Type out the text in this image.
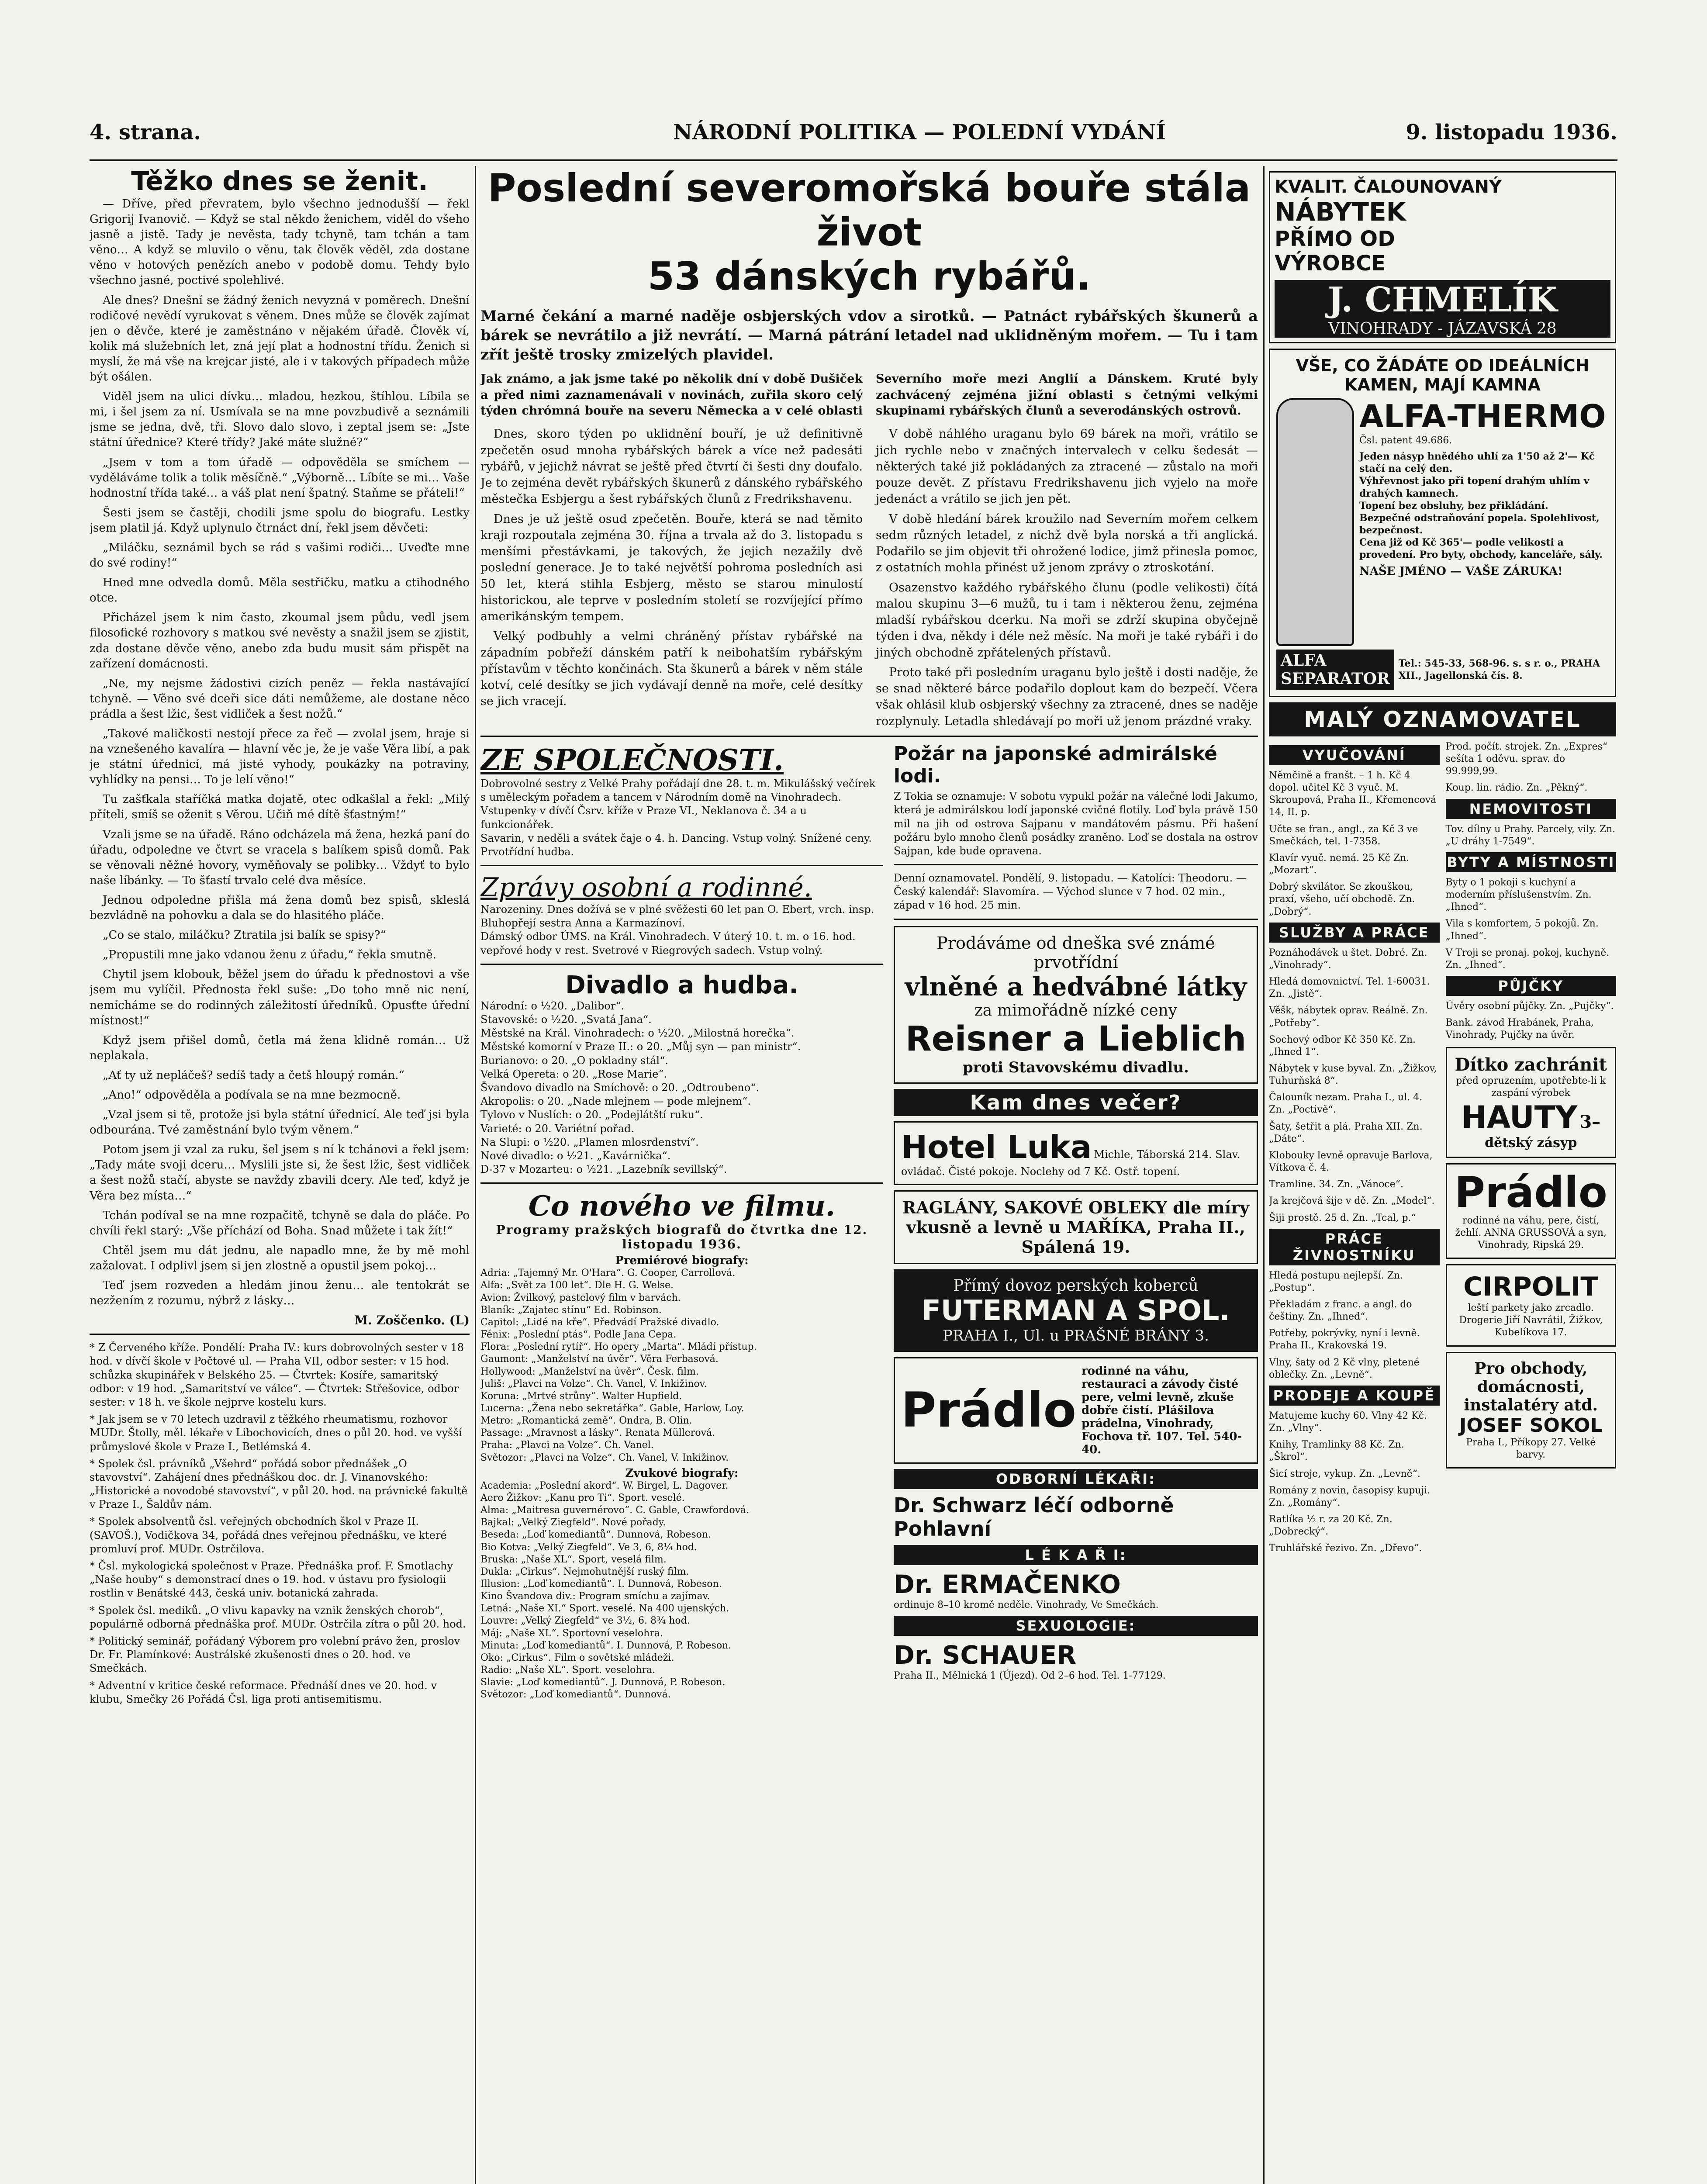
4. strana.	NÁRODNÍ POLITIKA — POLEDNÍ VYDÁNÍ	9. listopadu 1936.
Těžko dnes se ženit.

— Dříve, před převratem, bylo všechno jednodušší — řekl Grigorij Ivanovič. — Když se stal někdo ženichem, viděl do všeho jasně a jistě. Tady je nevěsta, tady tchyně, tam tchán a tam věno… A když se mluvilo o věnu, tak člověk věděl, zda dostane věno v hotových penězích anebo v podobě domu. Tehdy bylo všechno jasné, poctivé spolehlivé.

Ale dnes? Dnešní se žádný ženich nevyzná v poměrech. Dnešní rodičové nevědí vyrukovat s věnem. Dnes může se člověk zajímat jen o děvče, které je zaměstnáno v nějakém úřadě. Člověk ví, kolik má služebních let, zná její plat a hodnostní třídu. Ženich si myslí, že má vše na krejcar jisté, ale i v takových případech může být ošálen.

Viděl jsem na ulici dívku… mladou, hezkou, štíhlou. Líbila se mi, i šel jsem za ní. Usmívala se na mne povzbudivě a seznámili jsme se jedna, dvě, tři. Slovo dalo slovo, i zeptal jsem se: „Jste státní úřednice? Které třídy? Jaké máte služné?“

„Jsem v tom a tom úřadě — odpověděla se smíchem — vyděláváme tolik a tolik měsíčně.“ „Výborně… Líbíte se mi… Vaše hodnostní třída také… a váš plat není špatný. Staňme se přáteli!“

Šesti jsem se častěji, chodili jsme spolu do biografu. Lestky jsem platil já. Když uplynulo čtrnáct dní, řekl jsem děvčeti:

„Miláčku, seznámil bych se rád s vašimi rodiči… Uveďte mne do své rodiny!“

Hned mne odvedla domů. Měla sestřičku, matku a ctihodného otce.

Přicházel jsem k nim často, zkoumal jsem půdu, vedl jsem filosofické rozhovory s matkou své nevěsty a snažil jsem se zjistit, zda dostane děvče věno, anebo zda budu musit sám přispět na zařízení domácnosti.

„Ne, my nejsme žádostivi cizích peněz — řekla nastávající tchyně. — Věno své dceři sice dáti nemůžeme, ale dostane něco prádla a šest lžic, šest vidliček a šest nožů.“

„Takové maličkosti nestojí přece za řeč — zvolal jsem, hraje si na vznešeného kavalíra — hlavní věc je, že je vaše Věra libí, a pak je státní úřednicí, má jisté vyhody, poukázky na potraviny, vyhlídky na pensi… To je lelí věno!“

Tu zašťkala staříčká matka dojatě, otec odkašlal a řekl: „Milý příteli, smíš se oženit s Věrou. Učiň mé dítě šťastným!“

Vzali jsme se na úřadě. Ráno odcházela má žena, hezká paní do úřadu, odpoledne ve čtvrt se vracela s balíkem spisů domů. Pak se věnovali něžné hovory, vyměňovaly se polibky… Vždyť to bylo naše líbánky. — To šťastí trvalo celé dva měsíce.

Jednou odpoledne přišla má žena domů bez spisů, skleslá bezvládně na pohovku a dala se do hlasitého pláče.

„Co se stalo, miláčku? Ztratila jsi balík se spisy?“

„Propustili mne jako vdanou ženu z úřadu,“ řekla smutně.

Chytil jsem klobouk, běžel jsem do úřadu k přednostovi a vše jsem mu vylíčil. Přednosta řekl suše: „Do toho mně nic není, nemícháme se do rodinných záležitostí úředníků. Opusťte úřední místnost!“

Když jsem přišel domů, četla má žena klidně román… Už neplakala.

„Ať ty už nepláčeš? sedíš tady a četš hloupý román.“

„Ano!“ odpověděla a podívala se na mne bezmocně.

„Vzal jsem si tě, protože jsi byla státní úřednicí. Ale teď jsi byla odbourána. Tvé zaměstnání bylo tvým věnem.“

Potom jsem ji vzal za ruku, šel jsem s ní k tchánovi a řekl jsem: „Tady máte svoji dceru… Myslili jste si, že šest lžic, šest vidliček a šest nožů stačí, abyste se navždy zbavili dcery. Ale teď, když je Věra bez místa…“

Tchán podíval se na mne rozpačitě, tchyně se dala do pláče. Po chvíli řekl starý: „Vše příchází od Boha. Snad můžete i tak žít!“

Chtěl jsem mu dát jednu, ale napadlo mne, že by mě mohl zažalovat. I odplivl jsem si jen zlostně a opustil jsem pokoj…

Teď jsem rozveden a hledám jinou ženu… ale tentokrát se nezžením z rozumu, nýbrž z lásky…

M. Zoščenko. (L)

* Z Červeného kříže. Pondělí: Praha IV.: kurs dobrovolných sester v 18 hod. v dívčí škole v Počtové ul. — Praha VII, odbor sester: v 15 hod. schůzka skupinářek v Belského 25. — Čtvrtek: Kosíře, samaritský odbor: v 19 hod. „Samaritství ve válce“. — Čtvrtek: Střešovice, odbor sester: v 18 h. ve škole nejprve kostelu kurs.

* Jak jsem se v 70 letech uzdravil z těžkého rheumatismu, rozhovor MUDr. Štolly, měl. lékaře v Libochovicích, dnes o půl 20. hod. ve vyšší průmyslové škole v Praze I., Betlémská 4.

* Spolek čsl. právníků „Všehrd“ pořádá sobor přednášek „O stavovství“. Zahájení dnes přednáškou doc. dr. J. Vinanovského: „Historické a novodobé stavovství“, v půl 20. hod. na právnické fakultě v Praze I., Šaldův nám.

* Spolek absolventů čsl. veřejných obchodních škol v Praze II. (SAVOŠ.), Vodičkova 34, pořádá dnes veřejnou přednášku, ve které promluví prof. MUDr. Ostrčilova.

* Čsl. mykologická společnost v Praze. Přednáška prof. F. Smotlachy „Naše houby“ s demonstrací dnes o 19. hod. v ústavu pro fysiologii rostlin v Benátské 443, česká univ. botanická zahrada.

* Spolek čsl. mediků. „O vlivu kapavky na vznik ženských chorob“, populárně odborná přednáška prof. MUDr. Ostrčila zítra o půl 20. hod.

* Politický seminář, pořádaný Výborem pro volební právo žen, proslov Dr. Fr. Plamínkové: Austrálské zkušenosti dnes o 20. hod. ve Smečkách.

* Adventní v kritice české reformace. Přednáší dnes ve 20. hod. v klubu, Smečky 26 Pořádá Čsl. liga proti antisemitismu.

Poslední severomořská bouře stála život
53 dánských rybářů.
Marné čekání a marné naděje osbjerských vdov a sirotků. — Patnáct rybářských škunerů a bárek se nevrátilo a již nevrátí. — Marná pátrání letadel nad uklidněným mořem. — Tu i tam zřít ještě trosky zmizelých plavidel.
Jak známo, a jak jsme také po několik dní v době Dušiček a před nimi zaznamenávali v novinách, zuřila skoro celý týden chrómná bouře na severu Německa a v celé oblasti Severního moře mezi Anglií a Dánskem. Kruté byly zachvácený zejména jižní oblasti s četnými velkými skupinami rybářských člunů a severodánských ostrovů.

Dnes, skoro týden po uklidnění bouří, je už definitivně zpečetěn osud mnoha rybářských bárek a více než padesáti rybářů, v jejichž návrat se ještě před čtvrtí či šesti dny doufalo. Je to zejména devět rybářských škunerů z dánského rybářského městečka Esbjergu a šest rybářských člunů z Fredrikshavenu.

Dnes je už ještě osud zpečetěn. Bouře, která se nad těmito kraji rozpoutala zejména 30. října a trvala až do 3. listopadu s menšími přestávkami, je takových, že jejich nezažily dvě poslední generace. Je to také největší pohroma posledních asi 50 let, která stihla Esbjerg, město se starou minulostí historickou, ale teprve v posledním století se rozvíjející přímo amerikánským tempem.

Velký podbuhly a velmi chráněný přístav rybářské na západním pobřeží dánském patří k neibohatším rybářským přístavům v těchto končinách. Sta škunerů a bárek v něm stále kotví, celé desítky se jich vydávají denně na moře, celé desítky se jich vracejí.

V době náhlého uraganu bylo 69 bárek na moři, vrátilo se jich rychle nebo v značných intervalech v celku šedesát — některých také již pokládaných za ztracené — zůstalo na moři pouze devět. Z přístavu Fredrikshavenu jich vyjelo na moře jedenáct a vrátilo se jich jen pět.

V době hledání bárek kroužilo nad Severním mořem celkem sedm různých letadel, z nichž dvě byla norská a tři anglická. Podařilo se jim objevit tři ohrožené lodice, jimž přinesla pomoc, z ostatních mohla přinést už jenom zprávy o ztroskotání.

Osazenstvo každého rybářského člunu (podle velikosti) čítá malou skupinu 3—6 mužů, tu i tam i některou ženu, zejména mladší rybářskou dcerku. Na moři se zdrží skupina obyčejně týden i dva, někdy i déle než měsíc. Na moři je také rybáři i do jiných obchodně zpřátelených přístavů.

Proto také při posledním uraganu bylo ještě i dosti naděje, že se snad některé bárce podařilo doplout kam do bezpečí. Včera však ohlásil klub osbjerský všechny za ztracené, dnes se naděje rozplynuly. Letadla shledávají po moři už jenom prázdné vraky.

ZE SPOLEČNOSTI.
Dobrovolné sestry z Velké Prahy pořádají dne 28. t. m. Mikulášský večírek s uměleckým pořadem a tancem v Národním domě na Vinohradech. Vstupenky v dívčí Čsrv. kříže v Praze VI., Neklanova č. 34 a u funkcionářek.
Savarin, v neděli a svátek čaje o 4. h. Dancing. Vstup volný. Snížené ceny. Prvotřídní hudba.
Zprávy osobní a rodinné.
Narozeniny. Dnes dožívá se v plné svěžesti 60 let pan O. Ebert, vrch. insp. Bluhopřejí sestra Anna a Karmazínoví.
Dámský odbor ÚMS. na Král. Vinohradech. V úterý 10. t. m. o 16. hod. vepřové hody v rest. Svetrové v Riegrových sadech. Vstup volný.
Divadlo a hudba.
Národní: o ½20. „Dalibor“.
Stavovské: o ½20. „Svatá Jana“.
Městské na Král. Vinohradech: o ½20. „Milostná horečka“.
Městské komorní v Praze II.: o 20. „Můj syn — pan ministr“.
Burianovo: o 20. „O pokladny stál“.
Velká Opereta: o 20. „Rose Marie“.
Švandovo divadlo na Smíchově: o 20. „Odtroubeno“.
Akropolis: o 20. „Nade mlejnem — pode mlejnem“.
Tylovo v Nuslích: o 20. „Podejlátští ruku“.
Varieté: o 20. Variétní pořad.
Na Slupi: o ½20. „Plamen mlosrdenství“.
Nové divadlo: o ½21. „Kavárnička“.
D-37 v Mozarteu: o ½21. „Lazebník sevillský“.
Co nového ve filmu.
Programy pražských biografů do čtvrtka dne 12. listopadu 1936.
Premiérové biografy:
Adria: „Tajemný Mr. O'Hara“. G. Cooper, Carrollová.
Alfa: „Svět za 100 let“. Dle H. G. Welse.
Avion: Žvilkový, pastelový film v barvách.
Blaník: „Zajatec stínu“ Ed. Robinson.
Capitol: „Lidé na kře“. Předvádí Pražské divadlo.
Fénix: „Poslední ptás“. Podle Jana Cepa.
Flora: „Poslední rytíř“. Ho opery „Marta“. Mládí přístup.
Gaumont: „Manželství na úvěr“. Věra Ferbasová.
Hollywood: „Manželství na úvěr“. Česk. film.
Juliš: „Plavci na Volze“. Ch. Vanel, V. Inkižinov.
Koruna: „Mrtvé strůny“. Walter Hupfield.
Lucerna: „Žena nebo sekretářka“. Gable, Harlow, Loy.
Metro: „Romantická země“. Ondra, B. Olin.
Passage: „Mravnost a lásky“. Renata Müllerová.
Praha: „Plavci na Volze“. Ch. Vanel.
Světozor: „Plavci na Volze“. Ch. Vanel, V. Inkižinov.
Zvukové biografy:
Academia: „Poslední akord“. W. Birgel, L. Dagover.
Aero Žižkov: „Kanu pro Ti“. Sport. veselé.
Alma: „Maitresa guvernérovo“. C. Gable, Crawfordová.
Bajkal: „Velký Ziegfeld“. Nové pořady.
Beseda: „Loď komediantů“. Dunnová, Robeson.
Bio Kotva: „Velký Ziegfeld“. Ve 3, 6, 8¼ hod.
Bruska: „Naše XL“. Sport, veselá film.
Dukla: „Cirkus“. Nejmohutnější ruský film.
Illusion: „Loď komediantů“. I. Dunnová, Robeson.
Kino Švandova div.: Program smíchu a zajímav.
Letná: „Naše XI.“ Sport. veselé. Na 400 ujenských.
Louvre: „Velký Ziegfeld“ ve 3½, 6. 8¾ hod.
Máj: „Naše XL“. Sportovní veselohra.
Minuta: „Loď komediantů“. I. Dunnová, P. Robeson.
Oko: „Cirkus“. Film o sovětské mládeži.
Radio: „Naše XL“. Sport. veselohra.
Slavie: „Loď komediantů“. J. Dunnová, P. Robeson.
Světozor: „Loď komediantů“. Dunnová.
Požár na japonské admirálské lodi.
Z Tokia se oznamuje: V sobotu vypukl požár na válečné lodi Jakumo, která je admirálskou lodí japonské cvičné flotily. Loď byla právě 150 mil na jih od ostrova Sajpanu v mandátovém pásmu. Při hašení požáru bylo mnoho členů posádky zraněno. Loď se dostala na ostrov Sajpan, kde bude opravena.
Denní oznamovatel. Pondělí, 9. listopadu. — Katolíci: Theodoru. — Český kalendář: Slavomíra. — Východ slunce v 7 hod. 02 min., západ v 16 hod. 25 min.
Prodáváme od dneška své známé prvotřídní
vlněné a hedvábné látky
za mimořádně nízké ceny
Reisner a Lieblich
proti Stavovskému divadlu.
Kam dnes večer?
Hotel Luka Michle, Táborská 214. Slav. ovládač. Čisté pokoje. Noclehy od 7 Kč. Ostř. topení.
RAGLÁNY, SAKOVÉ OBLEKY dle míry vkusně a levně u MAŘÍKA, Praha II., Spálená 19.
Přímý dovoz perských koberců
FUTERMAN A SPOL.
PRAHA I., Ul. u PRAŠNÉ BRÁNY 3.
Prádlo
rodinné na váhu, restauraci a závody čisté pere, velmi levně, zkuše dobře čistí. Plášilova prádelna, Vinohrady, Fochova tř. 107. Tel. 540-40.
ODBORNÍ LÉKAŘI:
Dr. Schwarz léčí odborně Pohlavní
L É K A Ř I:
Dr. ERMAČENKO
ordinuje 8–10 kromě neděle. Vinohrady, Ve Smečkách.
SEXUOLOGIE:
Dr. SCHAUER
Praha II., Mělnická 1 (Újezd). Od 2–6 hod. Tel. 1-77129.
KVALIT. ČALOUNOVANÝ
NÁBYTEK
PŘÍMO OD VÝROBCE
J. CHMELÍK
VINOHRADY - JÁZAVSKÁ 28
VŠE, CO ŽÁDÁTE OD IDEÁLNÍCH KAMEN, MAJÍ KAMNA
ALFA-THERMO
Čsl. patent 49.686.
Jeden násyp hnědého uhlí za 1'50 až 2'— Kč stačí na celý den.
Výhřevnost jako při topení drahým uhlím v drahých kamnech.
Topení bez obsluhy, bez přikládání.
Bezpečné odstraňování popela. Spolehlivost, bezpečnost.
Cena již od Kč 365'— podle velikosti a provedení. Pro byty, obchody, kanceláře, sály.
NAŠE JMÉNO — VAŠE ZÁRUKA!
ALFA SEPARATOR
Tel.: 545-33, 568-96. s. s r. o., PRAHA XII., Jagellonská čís. 8.
MALÝ OZNAMOVATEL
VYUČOVÁNÍ
Němčině a franšt. – 1 h. Kč 4 dopol. učitel Kč 3 vyuč. M. Skroupová, Praha II., Křemencová 14, II. p.
Učte se fran., angl., za Kč 3 ve Smečkách, tel. 1-7358.
Klavír vyuč. nemá. 25 Kč Zn. „Mozart“.
Dobrý skvilátor. Se zkouškou, praxí, všeho, učí obchodě. Zn. „Dobrý“.
SLUŽBY A PRÁCE
Poznáhodávek u štet. Dobré. Zn. „Vinohrady“.
Hledá domovnictví. Tel. 1-60031. Zn. „Jistě“.
Věšk, nábytek oprav. Reálně. Zn. „Potřeby“.
Sochový odbor Kč 350 Kč. Zn. „Ihned 1“.
Nábytek v kuse byval. Zn. „Žižkov, Tuhurňská 8“.
Čalouník nezam. Praha I., ul. 4. Zn. „Poctivě“.
Šaty, šetřit a plá. Praha XII. Zn. „Dáte“.
Klobouky levně opravuje Barlova, Vítkova č. 4.
Tramline. 34. Zn. „Vánoce“.
Ja krejčová šije v dě. Zn. „Model“.
Šiji prostě. 25 d. Zn. „Tcal, p.“
PRÁCE ŽIVNOSTNÍKU
Hledá postupu nejlepší. Zn. „Postup“.
Překladám z franc. a angl. do češtiny. Zn. „Ihned“.
Potřeby, pokrývky, nyní i levně. Praha II., Krakovská 19.
Vlny, šaty od 2 Kč vlny, pletené oblečky. Zn. „Levně“.
PRODEJE A KOUPĚ
Matujeme kuchy 60. Vlny 42 Kč. Zn. „Vlny“.
Knihy, Tramlinky 88 Kč. Zn. „Škrol“.
Šicí stroje, vykup. Zn. „Levně“.
Romány z novin, časopisy kupuji. Zn. „Romány“.
Ratlíka ½ r. za 20 Kč. Zn. „Dobrecký“.
Truhlářské řezivo. Zn. „Dřevo“.
Prod. počít. strojek. Zn. „Expres“ sešíta 1 oděvu. sprav. do 99.999,99.
Koup. lin. rádio. Zn. „Pěkný“.
NEMOVITOSTI
Tov. dílny u Prahy. Parcely, vily. Zn. „U dráhy 1-7549“.
BYTY A MÍSTNOSTI
Byty o 1 pokoji s kuchyní a moderním příslušenstvím. Zn. „Ihned“.
Vila s komfortem, 5 pokojů. Zn. „Ihned“.
V Troji se pronaj. pokoj, kuchyně. Zn. „Ihned“.
PŮJČKY
Úvěry osobní půjčky. Zn. „Pujčky“.
Bank. závod Hrabánek, Praha, Vinohrady, Pujčky na úvěr.
Dítko zachránit
před opruzením, upotřebte-li k zaspání výrobek
HAUTY 3–
dětský zásyp
Prádlo
rodinné na váhu, pere, čistí, žehlí. ANNA GRUSSOVÁ a syn, Vinohrady, Ripská 29.
CIRPOLIT
leští parkety jako zrcadlo. Drogerie Jiří Navrátil, Žižkov, Kubelíkova 17.
Pro obchody, domácnosti, instalatéry atd.
JOSEF SOKOL
Praha I., Příkopy 27. Velké barvy.
